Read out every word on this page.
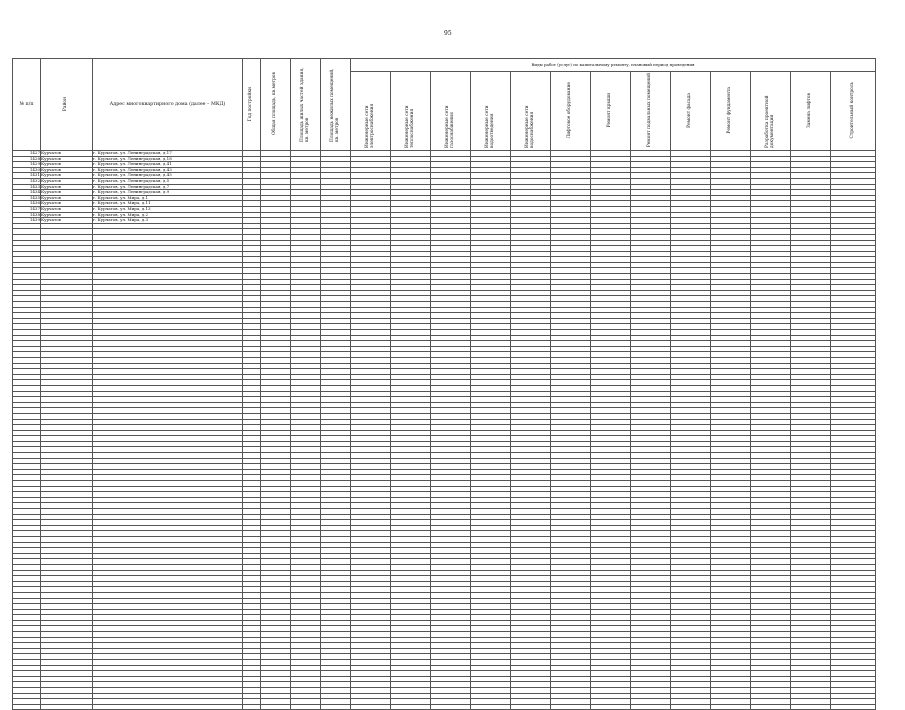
95
№ п/п	Район	Адрес многоквартирного дома (далее – МКД)	Год постройки	Общая площадь, кв.метров	Площадь жилых частей здания, кв. метров	Площадь нежилых помещений, кв. метров	Виды работ (услуг) по капитальному ремонту, плановый период проведения												
							Инженерные сети электроснабжения	Инженерные сети теплоснабжения	Инженерные сети газоснабжения	Инженерные сети водоотведения	Инженерные сети водоснабжения	Лифтовое оборудование	Ремонт крыши	Ремонт подвальных помещений	Ремонт фасада	Ремонт фундамента	Разработка проектной документации	Замена лифтов	Строительный контроль
1427	Курчатов	г. Курчатов, ул. Ленинградская, д.17																	
1428	Курчатов	г. Курчатов, ул. Ленинградская, д.18																	
1429	Курчатов	г. Курчатов, ул. Ленинградская, д.41																	
1430	Курчатов	г. Курчатов, ул. Ленинградская, д.43																	
1431	Курчатов	г. Курчатов, ул. Ленинградская, д.45																	
1432	Курчатов	г. Курчатов, ул. Ленинградская, д.5																	
1433	Курчатов	г. Курчатов, ул. Ленинградская, д.7																	
1434	Курчатов	г. Курчатов, ул. Ленинградская, д.9																	
1435	Курчатов	г. Курчатов, ул. Мира, д.1																	
1436	Курчатов	г. Курчатов, ул. Мира, д.11																	
1437	Курчатов	г. Курчатов, ул. Мира, д.13																	
1438	Курчатов	г. Курчатов, ул. Мира, д.2																	
1439	Курчатов	г. Курчатов, ул. Мира, д.3																	
